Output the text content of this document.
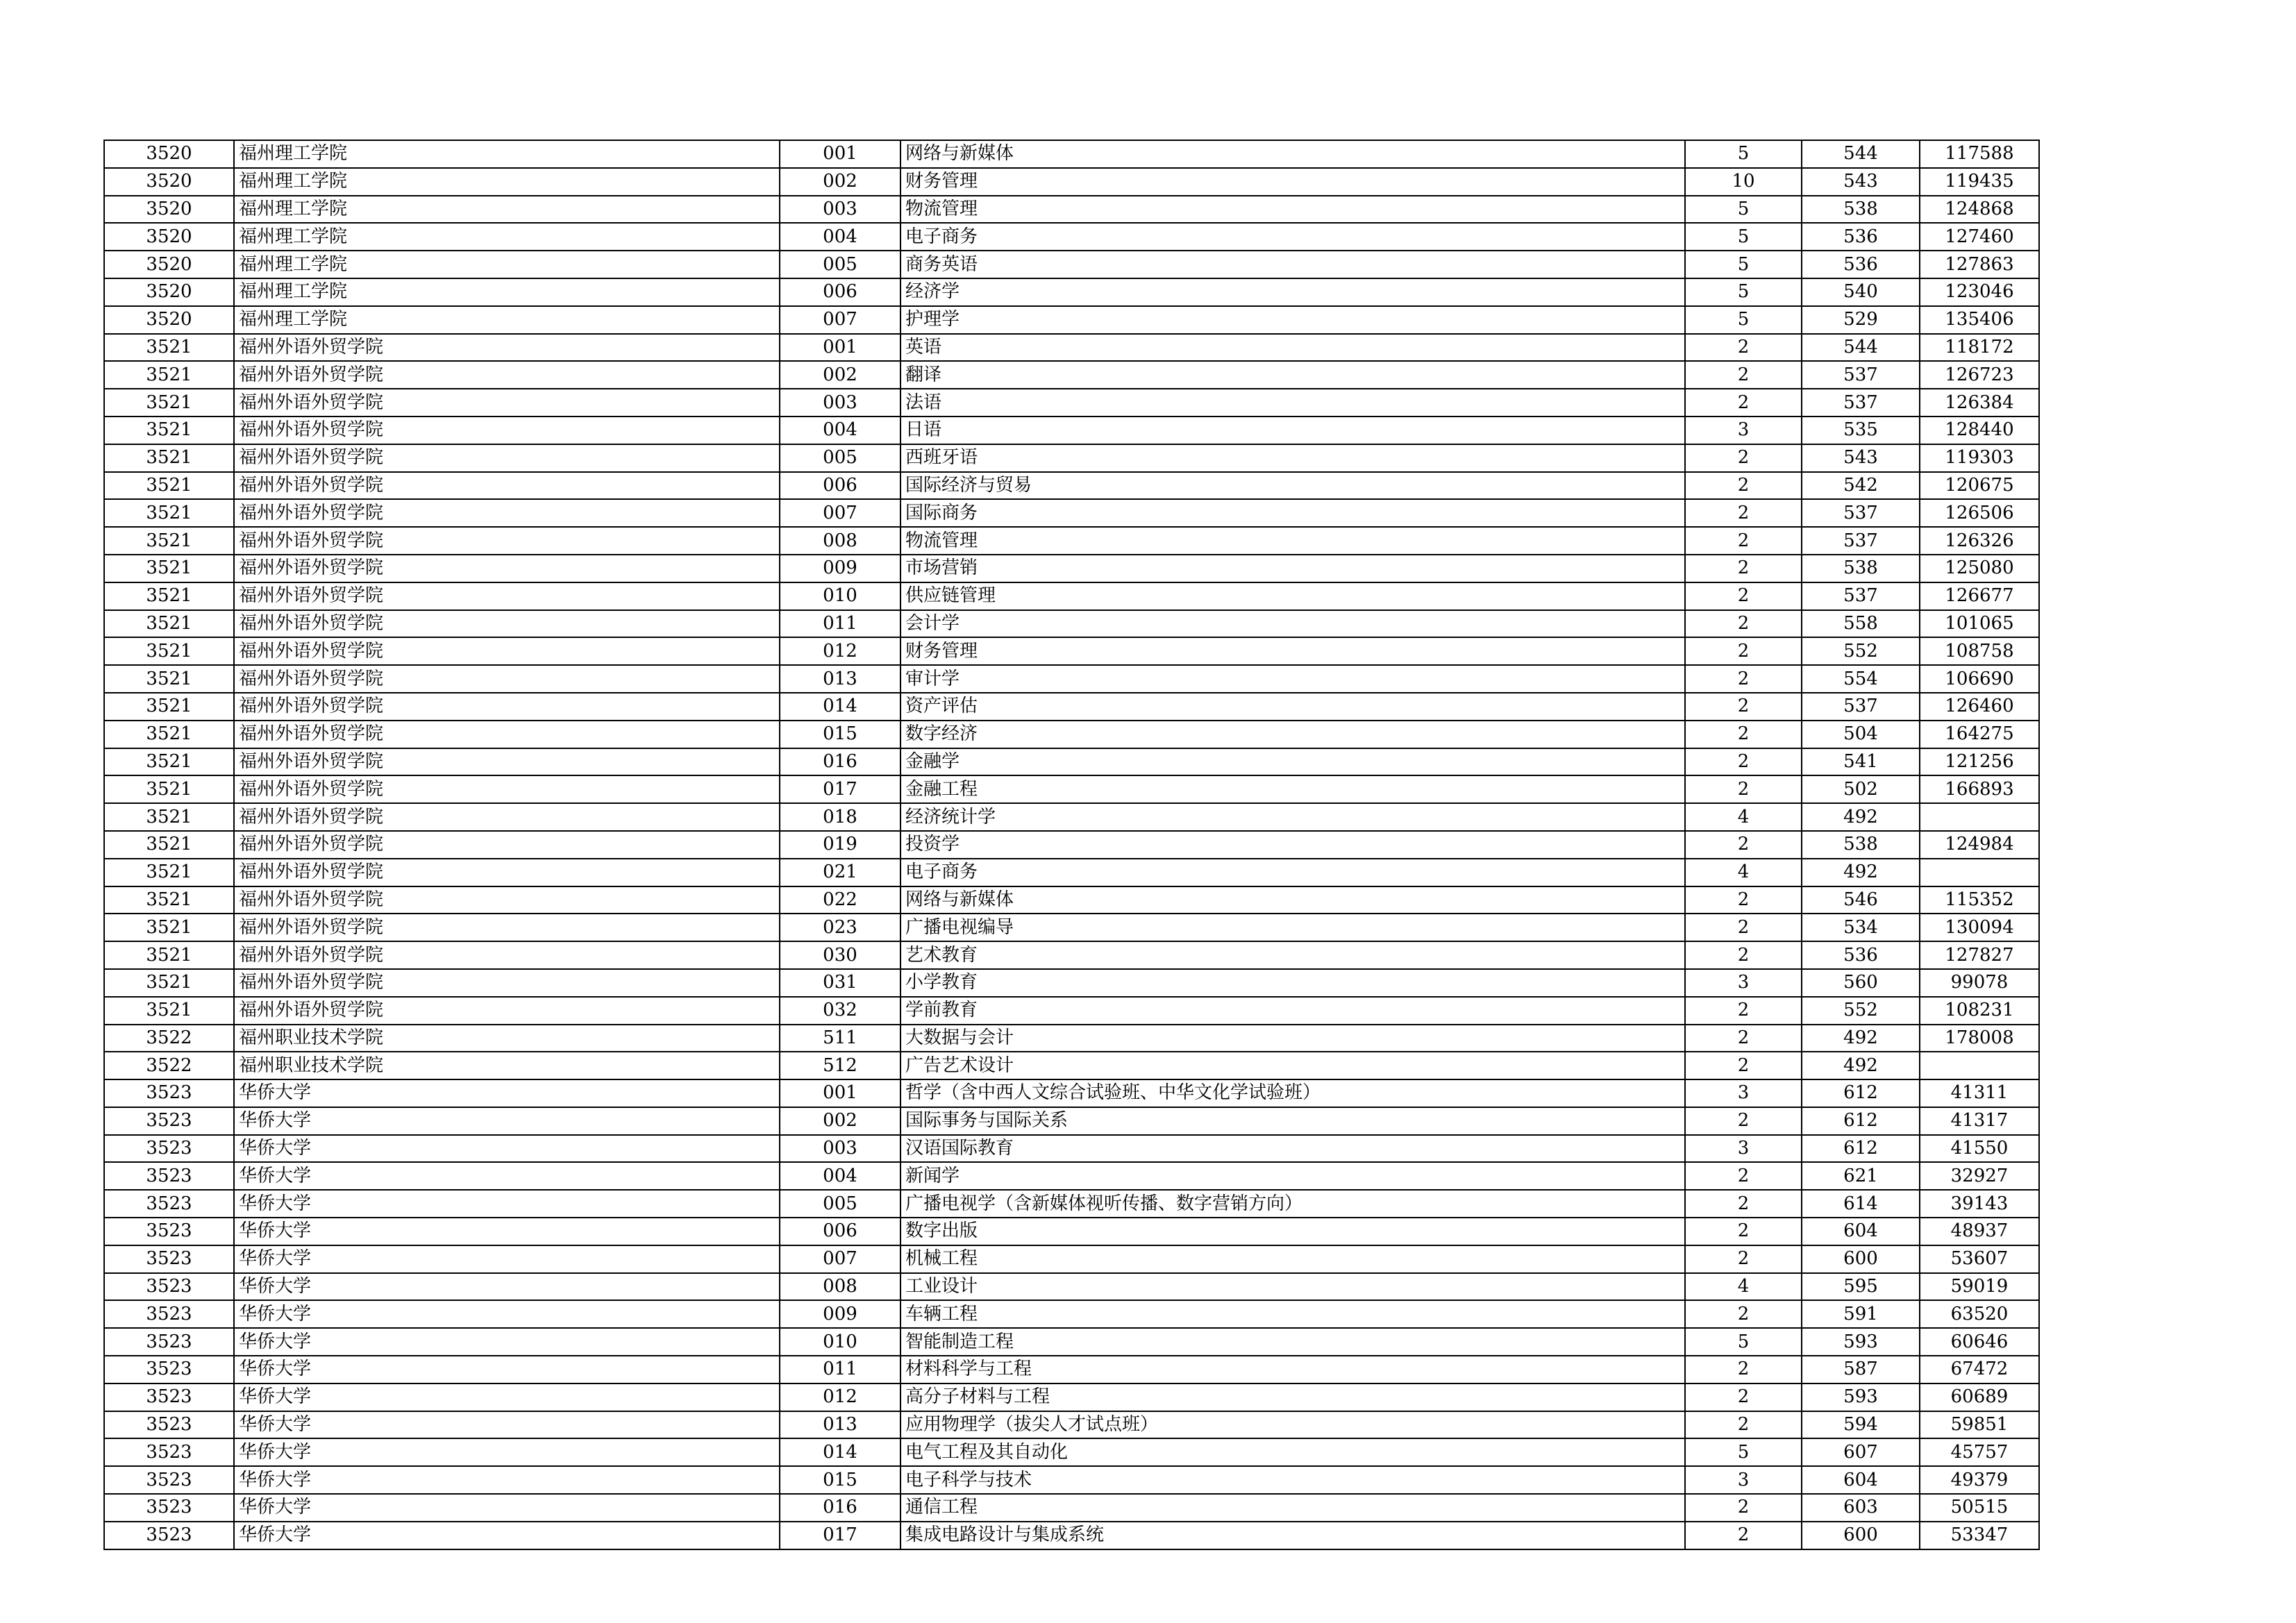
3520	福州理工学院	001	网络与新媒体	5	544	117588
3520	福州理工学院	002	财务管理	10	543	119435
3520	福州理工学院	003	物流管理	5	538	124868
3520	福州理工学院	004	电子商务	5	536	127460
3520	福州理工学院	005	商务英语	5	536	127863
3520	福州理工学院	006	经济学	5	540	123046
3520	福州理工学院	007	护理学	5	529	135406
3521	福州外语外贸学院	001	英语	2	544	118172
3521	福州外语外贸学院	002	翻译	2	537	126723
3521	福州外语外贸学院	003	法语	2	537	126384
3521	福州外语外贸学院	004	日语	3	535	128440
3521	福州外语外贸学院	005	西班牙语	2	543	119303
3521	福州外语外贸学院	006	国际经济与贸易	2	542	120675
3521	福州外语外贸学院	007	国际商务	2	537	126506
3521	福州外语外贸学院	008	物流管理	2	537	126326
3521	福州外语外贸学院	009	市场营销	2	538	125080
3521	福州外语外贸学院	010	供应链管理	2	537	126677
3521	福州外语外贸学院	011	会计学	2	558	101065
3521	福州外语外贸学院	012	财务管理	2	552	108758
3521	福州外语外贸学院	013	审计学	2	554	106690
3521	福州外语外贸学院	014	资产评估	2	537	126460
3521	福州外语外贸学院	015	数字经济	2	504	164275
3521	福州外语外贸学院	016	金融学	2	541	121256
3521	福州外语外贸学院	017	金融工程	2	502	166893
3521	福州外语外贸学院	018	经济统计学	4	492	
3521	福州外语外贸学院	019	投资学	2	538	124984
3521	福州外语外贸学院	021	电子商务	4	492	
3521	福州外语外贸学院	022	网络与新媒体	2	546	115352
3521	福州外语外贸学院	023	广播电视编导	2	534	130094
3521	福州外语外贸学院	030	艺术教育	2	536	127827
3521	福州外语外贸学院	031	小学教育	3	560	99078
3521	福州外语外贸学院	032	学前教育	2	552	108231
3522	福州职业技术学院	511	大数据与会计	2	492	178008
3522	福州职业技术学院	512	广告艺术设计	2	492	
3523	华侨大学	001	哲学（含中西人文综合试验班、中华文化学试验班）	3	612	41311
3523	华侨大学	002	国际事务与国际关系	2	612	41317
3523	华侨大学	003	汉语国际教育	3	612	41550
3523	华侨大学	004	新闻学	2	621	32927
3523	华侨大学	005	广播电视学（含新媒体视听传播、数字营销方向）	2	614	39143
3523	华侨大学	006	数字出版	2	604	48937
3523	华侨大学	007	机械工程	2	600	53607
3523	华侨大学	008	工业设计	4	595	59019
3523	华侨大学	009	车辆工程	2	591	63520
3523	华侨大学	010	智能制造工程	5	593	60646
3523	华侨大学	011	材料科学与工程	2	587	67472
3523	华侨大学	012	高分子材料与工程	2	593	60689
3523	华侨大学	013	应用物理学（拔尖人才试点班）	2	594	59851
3523	华侨大学	014	电气工程及其自动化	5	607	45757
3523	华侨大学	015	电子科学与技术	3	604	49379
3523	华侨大学	016	通信工程	2	603	50515
3523	华侨大学	017	集成电路设计与集成系统	2	600	53347
